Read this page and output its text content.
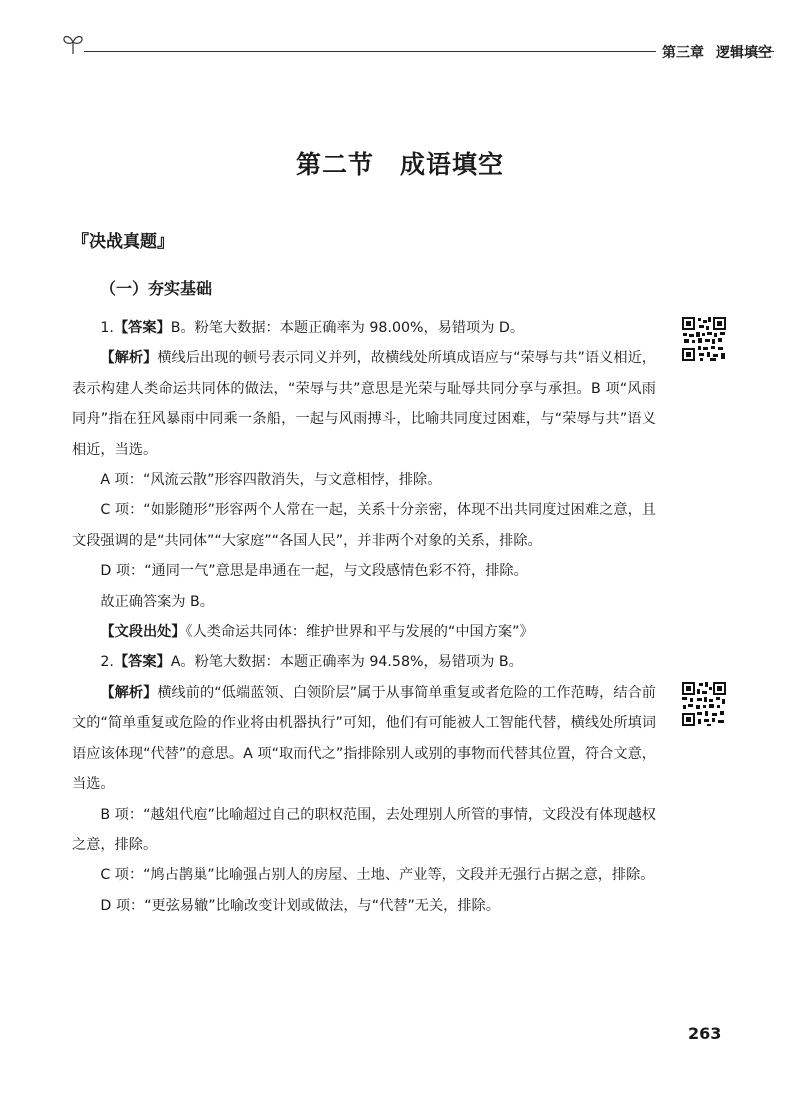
第三章 逻辑填空
第二节 成语填空
『决战真题』
（一）夯实基础

1.【答案】B。粉笔大数据：本题正确率为 98.00%，易错项为 D。

【解析】横线后出现的顿号表示同义并列，故横线处所填成语应与“荣辱与共”语义相近，表示构建人类命运共同体的做法，“荣辱与共”意思是光荣与耻辱共同分享与承担。B 项“风雨同舟”指在狂风暴雨中同乘一条船，一起与风雨搏斗，比喻共同度过困难，与“荣辱与共”语义相近，当选。

A 项：“风流云散”形容四散消失，与文意相悖，排除。

C 项：“如影随形”形容两个人常在一起，关系十分亲密，体现不出共同度过困难之意，且文段强调的是“共同体”“大家庭”“各国人民”，并非两个对象的关系，排除。

D 项：“通同一气”意思是串通在一起，与文段感情色彩不符，排除。

故正确答案为 B。

【文段出处】《人类命运共同体：维护世界和平与发展的“中国方案”》

2.【答案】A。粉笔大数据：本题正确率为 94.58%，易错项为 B。

【解析】横线前的“低端蓝领、白领阶层”属于从事简单重复或者危险的工作范畴，结合前文的“简单重复或危险的作业将由机器执行”可知，他们有可能被人工智能代替，横线处所填词语应该体现“代替”的意思。A 项“取而代之”指排除别人或别的事物而代替其位置，符合文意，当选。

B 项：“越俎代庖”比喻超过自己的职权范围，去处理别人所管的事情，文段没有体现越权之意，排除。

C 项：“鸠占鹊巢”比喻强占别人的房屋、土地、产业等，文段并无强行占据之意，排除。

D 项：“更弦易辙”比喻改变计划或做法，与“代替”无关，排除。

263
